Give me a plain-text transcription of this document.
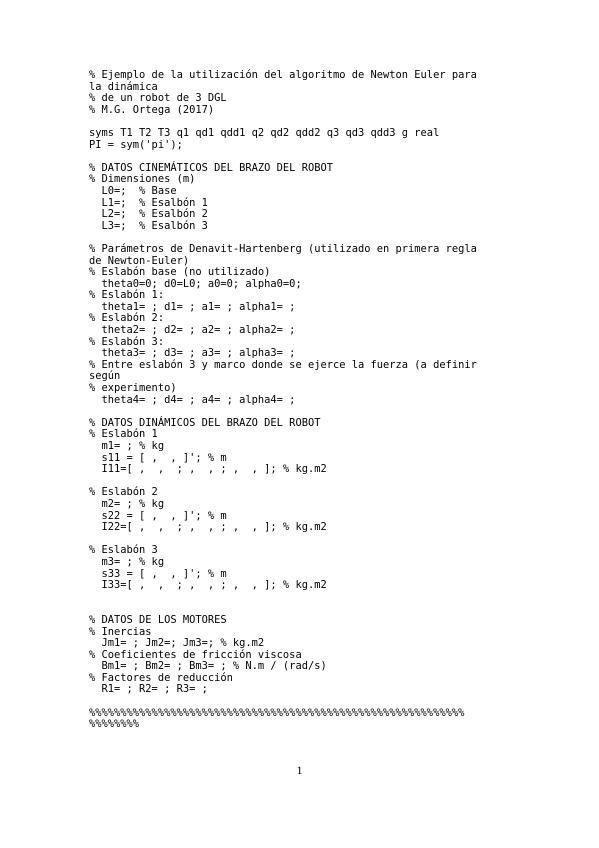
% Ejemplo de la utilización del algoritmo de Newton Euler para
la dinámica
% de un robot de 3 DGL
% M.G. Ortega (2017)
syms T1 T2 T3 q1 qd1 qdd1 q2 qd2 qdd2 q3 qd3 qdd3 g real
PI = sym('pi');
% DATOS CINEMÁTICOS DEL BRAZO DEL ROBOT
% Dimensiones (m)
L0=;  % Base
L1=;  % Esalbón 1
L2=;  % Esalbón 2
L3=;  % Esalbón 3
% Parámetros de Denavit-Hartenberg (utilizado en primera regla
de Newton-Euler)
% Eslabón base (no utilizado)
theta0=0; d0=L0; a0=0; alpha0=0;
% Eslabón 1:
theta1= ; d1= ; a1= ; alpha1= ;
% Eslabón 2:
theta2= ; d2= ; a2= ; alpha2= ;
% Eslabón 3:
theta3= ; d3= ; a3= ; alpha3= ;
% Entre eslabón 3 y marco donde se ejerce la fuerza (a definir
según
% experimento)
theta4= ; d4= ; a4= ; alpha4= ;
% DATOS DINÁMICOS DEL BRAZO DEL ROBOT
% Eslabón 1
m1= ; % kg
s11 = [ ,  , ]'; % m
I11=[ ,  ,  ; ,  , ; ,  , ]; % kg.m2
% Eslabón 2
m2= ; % kg
s22 = [ ,  , ]'; % m
I22=[ ,  ,  ; ,  , ; ,  , ]; % kg.m2
% Eslabón 3
m3= ; % kg
s33 = [ ,  , ]'; % m
I33=[ ,  ,  ; ,  , ; ,  , ]; % kg.m2
% DATOS DE LOS MOTORES
% Inercias
Jm1= ; Jm2=; Jm3=; % kg.m2
% Coeficientes de fricción viscosa
Bm1= ; Bm2= ; Bm3= ; % N.m / (rad/s)
% Factores de reducción
R1= ; R2= ; R3= ;
%%%%%%%%%%%%%%%%%%%%%%%%%%%%%%%%%%%%%%%%%%%%%%%%%%%%%%%%%%%%
%%%%%%%%
1
